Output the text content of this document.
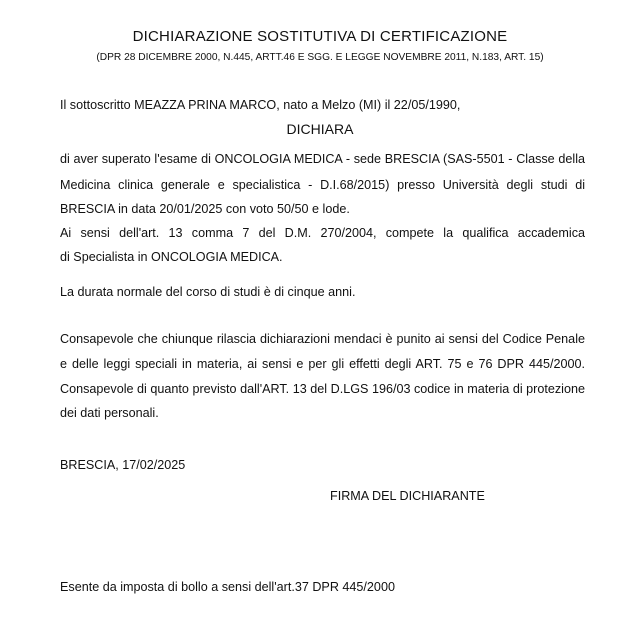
DICHIARAZIONE SOSTITUTIVA DI CERTIFICAZIONE
(DPR 28 DICEMBRE 2000, N.445, ARTT.46 E SGG. E LEGGE NOVEMBRE 2011, N.183, ART. 15)
Il sottoscritto MEAZZA PRINA MARCO, nato a Melzo (MI) il 22/05/1990,
DICHIARA
di aver superato l'esame di ONCOLOGIA MEDICA - sede BRESCIA (SAS-5501 - Classe della
Medicina clinica generale e specialistica - D.I.68/2015) presso Università degli studi di
BRESCIA in data 20/01/2025 con voto 50/50 e lode.
Ai sensi dell'art. 13 comma 7 del D.M. 270/2004, compete la qualifica accademica
di Specialista in ONCOLOGIA MEDICA.
La durata normale del corso di studi è di cinque anni.
Consapevole che chiunque rilascia dichiarazioni mendaci è punito ai sensi del Codice Penale
e delle leggi speciali in materia, ai sensi e per gli effetti degli ART. 75 e 76 DPR 445/2000.
Consapevole di quanto previsto dall'ART. 13 del D.LGS 196/03 codice in materia di protezione
dei dati personali.
BRESCIA, 17/02/2025
FIRMA DEL DICHIARANTE
Esente da imposta di bollo a sensi dell'art.37 DPR 445/2000
